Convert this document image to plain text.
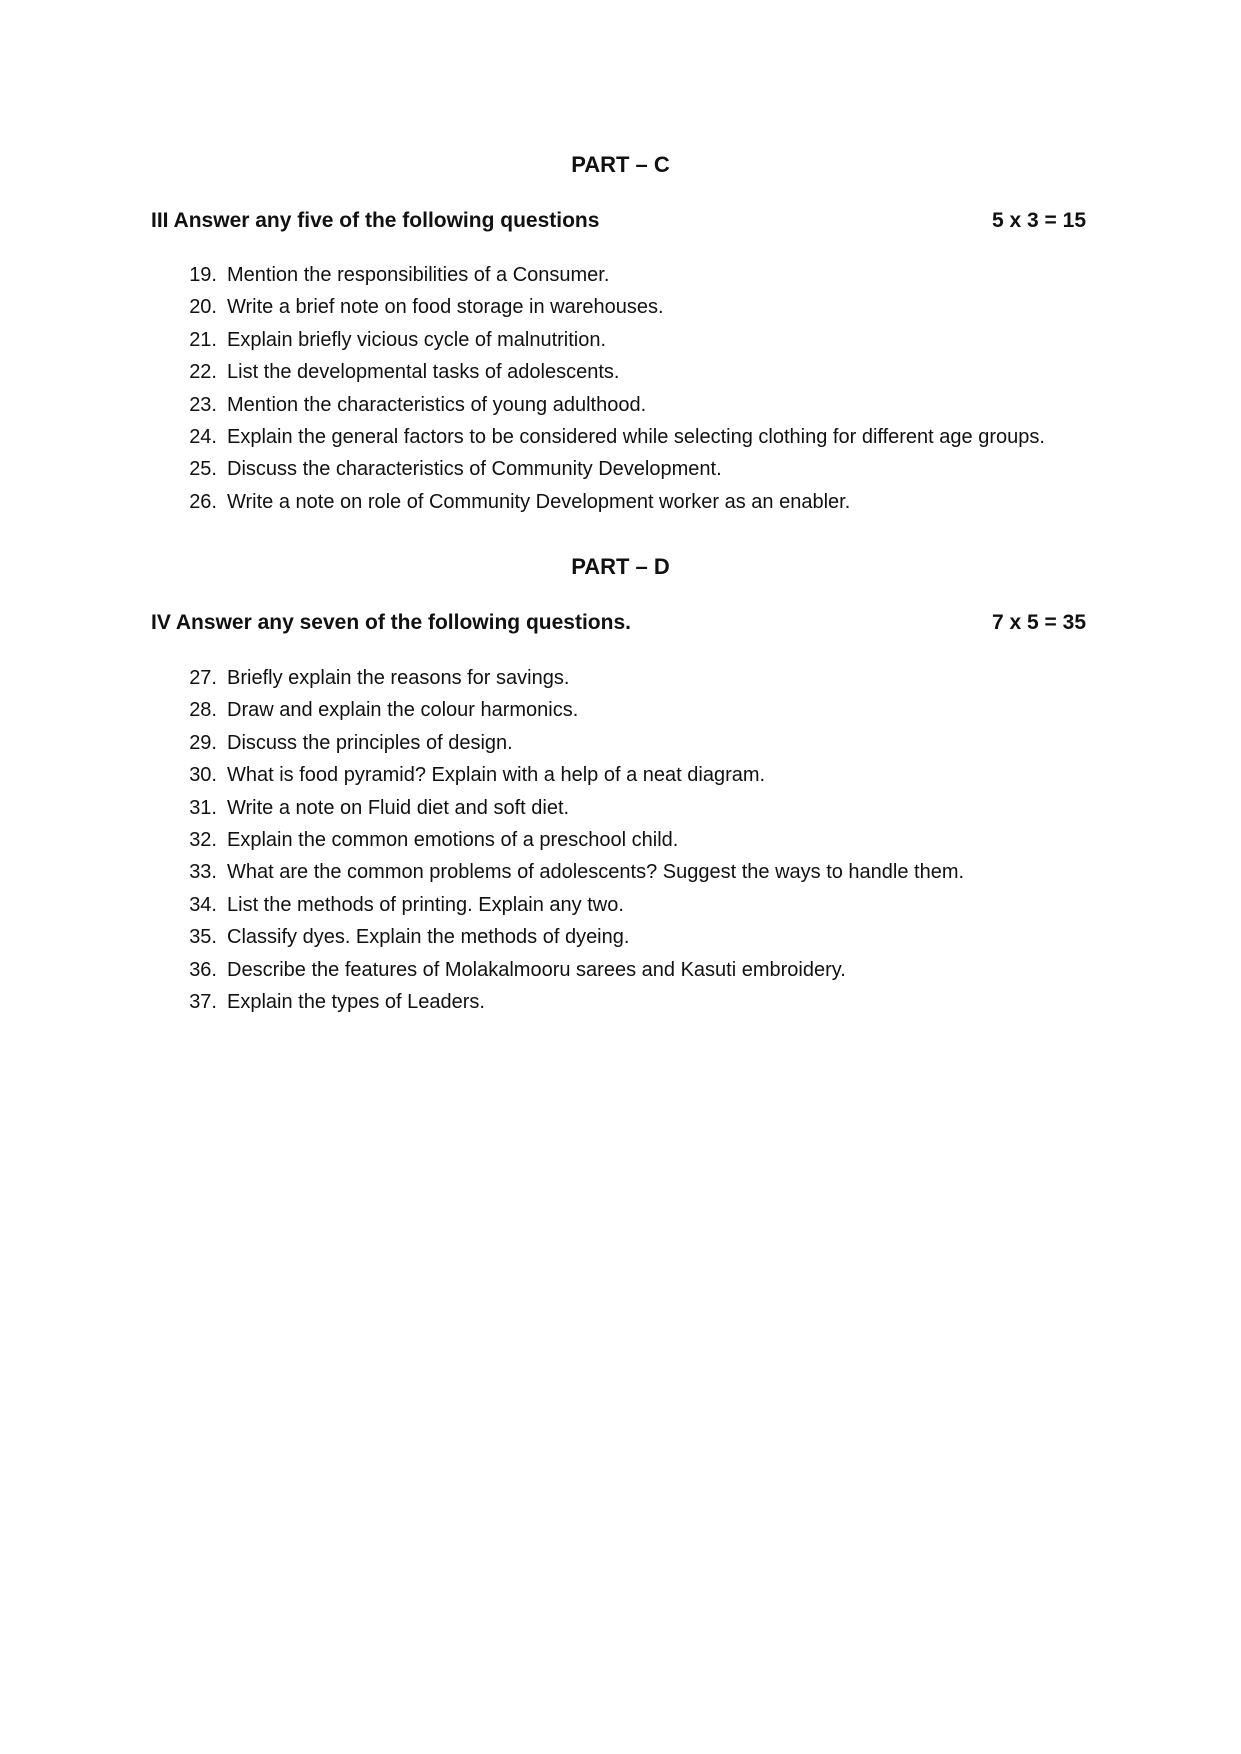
PART – C
III Answer any five of the following questions	5 x 3 = 15
19. Mention the responsibilities of a Consumer.
20. Write a brief note on food storage in warehouses.
21. Explain briefly vicious cycle of malnutrition.
22. List the developmental tasks of adolescents.
23. Mention the characteristics of young adulthood.
24. Explain the general factors to be considered while selecting clothing for different age groups.
25. Discuss the characteristics of Community Development.
26. Write a note on role of Community Development worker as an enabler.
PART – D
IV Answer any seven of the following questions.	7 x 5 = 35
27. Briefly explain the reasons for savings.
28. Draw and explain the colour harmonics.
29. Discuss the principles of design.
30. What is food pyramid? Explain with a help of a neat diagram.
31. Write a note on Fluid diet and soft diet.
32. Explain the common emotions of a preschool child.
33. What are the common problems of adolescents? Suggest the ways to handle them.
34. List the methods of printing. Explain any two.
35. Classify dyes. Explain the methods of dyeing.
36. Describe the features of Molakalmooru sarees and Kasuti embroidery.
37. Explain the types of Leaders.
